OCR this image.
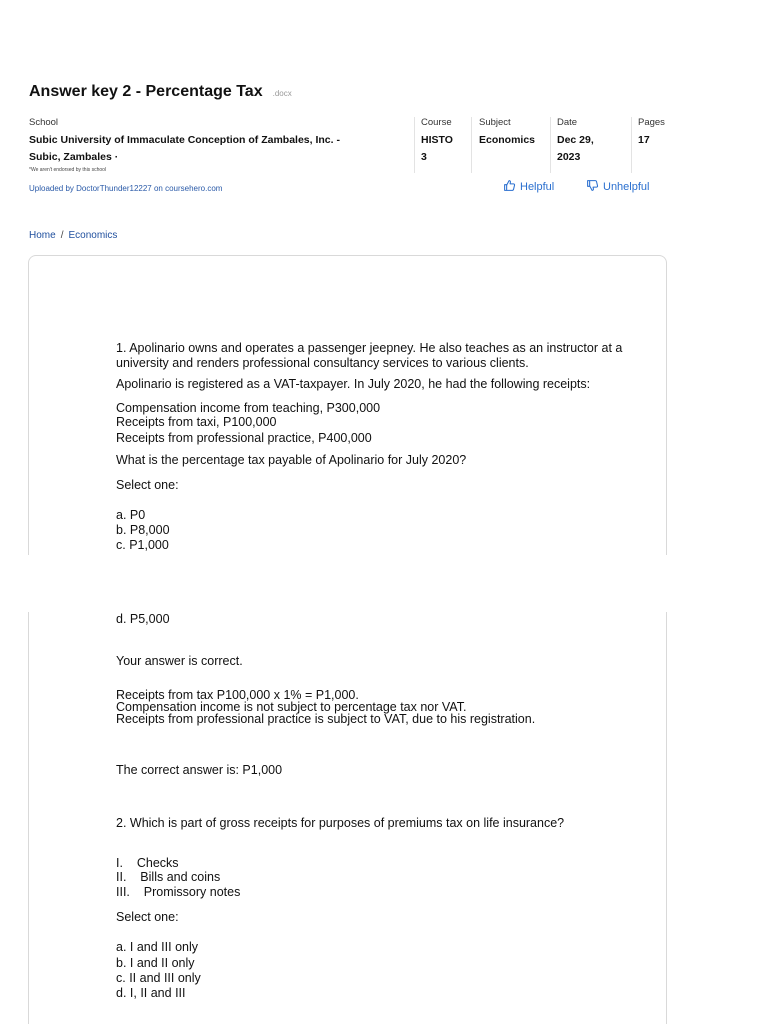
Answer key 2 - Percentage Tax .docx
School
Subic University of Immaculate Conception of Zambales, Inc. -
Subic, Zambales ·
*We aren't endorsed by this school
Course
HISTO
3
Subject
Economics
Date
Dec 29,
2023
Pages
17
Uploaded by DoctorThunder12227 on coursehero.com	Helpful	Unhelpful
Home / Economics
1. Apolinario owns and operates a passenger jeepney. He also teaches as an instructor at a
university and renders professional consultancy services to various clients.
Apolinario is registered as a VAT-taxpayer. In July 2020, he had the following receipts:
Compensation income from teaching, P300,000
Receipts from taxi, P100,000
Receipts from professional practice, P400,000
What is the percentage tax payable of Apolinario for July 2020?
Select one:
a. P0
b. P8,000
c. P1,000
d. P5,000
Your answer is correct.
Receipts from tax P100,000 x 1% = P1,000.
Compensation income is not subject to percentage tax nor VAT.
Receipts from professional practice is subject to VAT, due to his registration.
The correct answer is: P1,000
2. Which is part of gross receipts for purposes of premiums tax on life insurance?
I.    Checks
II.    Bills and coins
III.    Promissory notes
Select one:
a. I and III only
b. I and II only
c. II and III only
d. I, II and III
